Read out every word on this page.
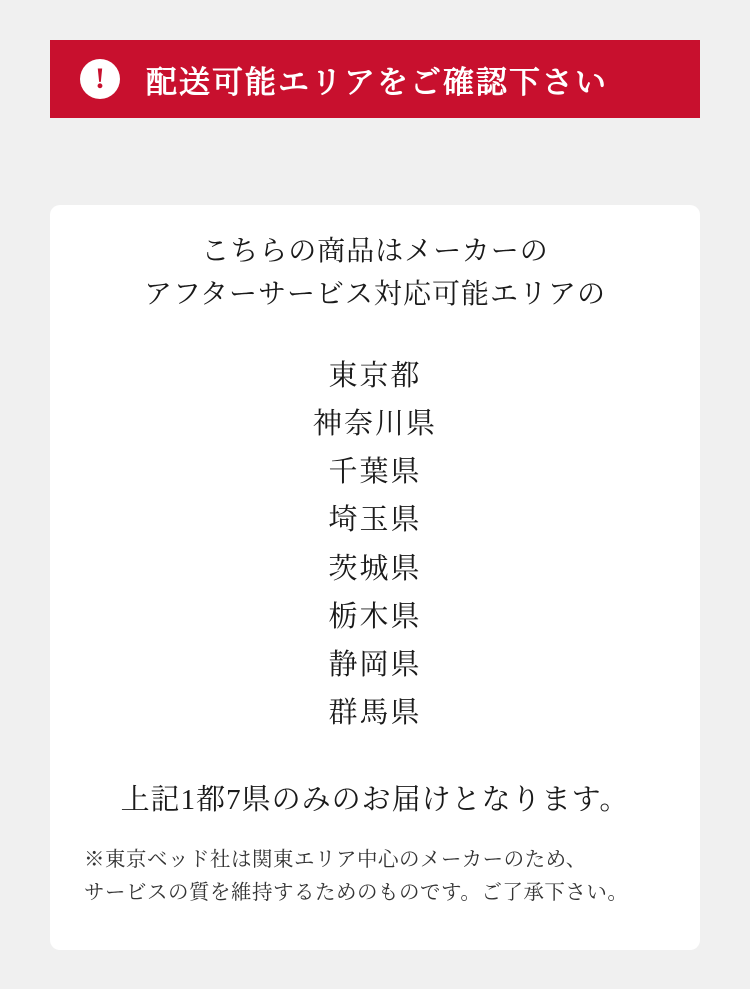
! 配送可能エリアをご確認下さい

こちらの商品はメーカーの
アフターサービス対応可能エリアの

東京都
神奈川県
千葉県
埼玉県
茨城県
栃木県
静岡県
群馬県

上記1都7県のみのお届けとなります。

※東京ベッド社は関東エリア中心のメーカーのため、
サービスの質を維持するためのものです。ご了承下さい。
